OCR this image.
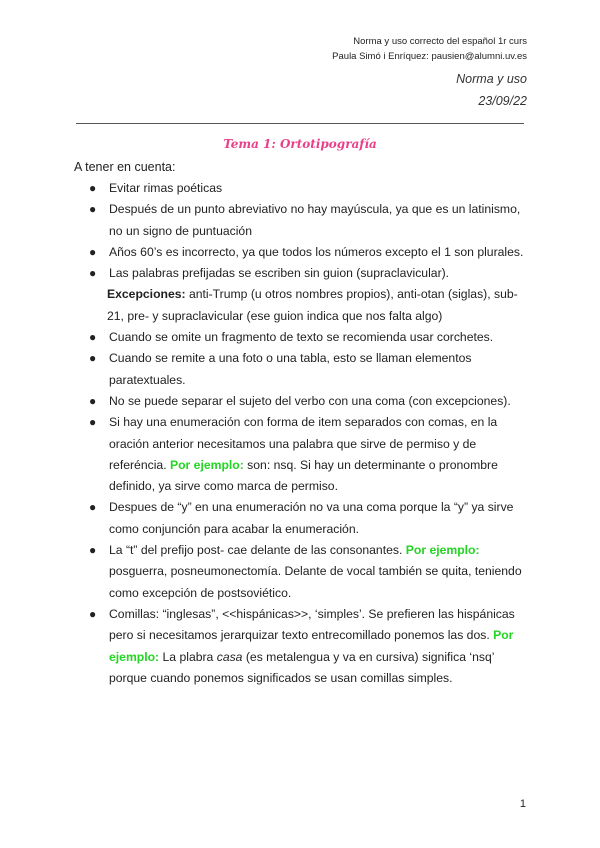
Norma y uso correcto del español 1r curs
Paula Simó i Enríquez: pausien@alumni.uv.es
Norma y uso
23/09/22
Tema 1: Ortotipografía
A tener en cuenta:
● Evitar rimas poéticas
● Después de un punto abreviativo no hay mayúscula, ya que es un latinismo, no un signo de puntuación
● Años 60’s es incorrecto, ya que todos los números excepto el 1 son plurales.
● Las palabras prefijadas se escriben sin guion (supraclavicular).
Excepciones: anti-Trump (u otros nombres propios), anti-otan (siglas), sub-21, pre- y supraclavicular (ese guion indica que nos falta algo)
● Cuando se omite un fragmento de texto se recomienda usar corchetes.
● Cuando se remite a una foto o una tabla, esto se llaman elementos paratextuales.
● No se puede separar el sujeto del verbo con una coma (con excepciones).
● Si hay una enumeración con forma de item separados con comas, en la oración anterior necesitamos una palabra que sirve de permiso y de referéncia. Por ejemplo: son: nsq. Si hay un determinante o pronombre definido, ya sirve como marca de permiso.
● Despues de “y” en una enumeración no va una coma porque la “y” ya sirve como conjunción para acabar la enumeración.
● La “t” del prefijo post- cae delante de las consonantes. Por ejemplo: posguerra, posneumonectomía. Delante de vocal también se quita, teniendo como excepción de postsoviético.
● Comillas: “inglesas”, <<hispánicas>>, ‘simples’. Se prefieren las hispánicas pero si necesitamos jerarquizar texto entrecomillado ponemos las dos. Por ejemplo: La plabra casa (es metalengua y va en cursiva) significa ‘nsq’ porque cuando ponemos significados se usan comillas simples.
1
